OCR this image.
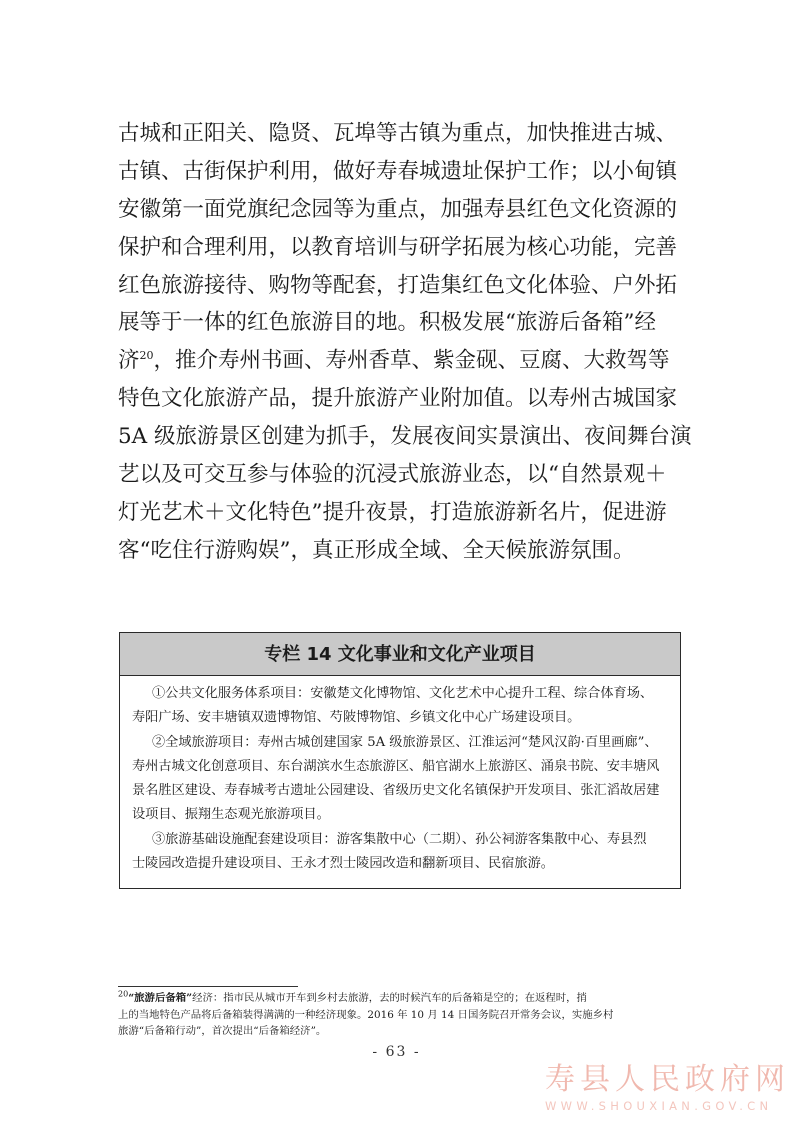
古城和正阳关、隐贤、瓦埠等古镇为重点，加快推进古城、
古镇、古街保护利用，做好寿春城遗址保护工作；以小甸镇
安徽第一面党旗纪念园等为重点，加强寿县红色文化资源的
保护和合理利用，以教育培训与研学拓展为核心功能，完善
红色旅游接待、购物等配套，打造集红色文化体验、户外拓
展等于一体的红色旅游目的地。积极发展“旅游后备箱”经
济$^{20}$，推介寿州书画、寿州香草、紫金砚、豆腐、大救驾等
特色文化旅游产品，提升旅游产业附加值。以寿州古城国家
5A 级旅游景区创建为抓手，发展夜间实景演出、夜间舞台演
艺以及可交互参与体验的沉浸式旅游业态，以“自然景观＋
灯光艺术＋文化特色”提升夜景，打造旅游新名片，促进游
客“吃住行游购娱”，真正形成全域、全天候旅游氛围。
专栏 14 文化事业和文化产业项目
①公共文化服务体系项目：安徽楚文化博物馆、文化艺术中心提升工程、综合体育场、
寿阳广场、安丰塘镇双遗博物馆、芍陂博物馆、乡镇文化中心广场建设项目。
②全域旅游项目：寿州古城创建国家 5A 级旅游景区、江淮运河“楚风汉韵·百里画廊”、
寿州古城文化创意项目、东台湖滨水生态旅游区、船官湖水上旅游区、涌泉书院、安丰塘风
景名胜区建设、寿春城考古遗址公园建设、省级历史文化名镇保护开发项目、张汇滔故居建
设项目、振翔生态观光旅游项目。
③旅游基础设施配套建设项目：游客集散中心（二期）、孙公祠游客集散中心、寿县烈
士陵园改造提升建设项目、王永才烈士陵园改造和翻新项目、民宿旅游。
$^{20}$“旅游后备箱”经济：指市民从城市开车到乡村去旅游，去的时候汽车的后备箱是空的；在返程时，捎
上的当地特色产品将后备箱装得满满的一种经济现象。2016 年 10 月 14 日国务院召开常务会议，实施乡村
旅游“后备箱行动”，首次提出“后备箱经济”。
- 63 -
寿县人民政府网
WWW.SHOUXIAN.GOV.CN
